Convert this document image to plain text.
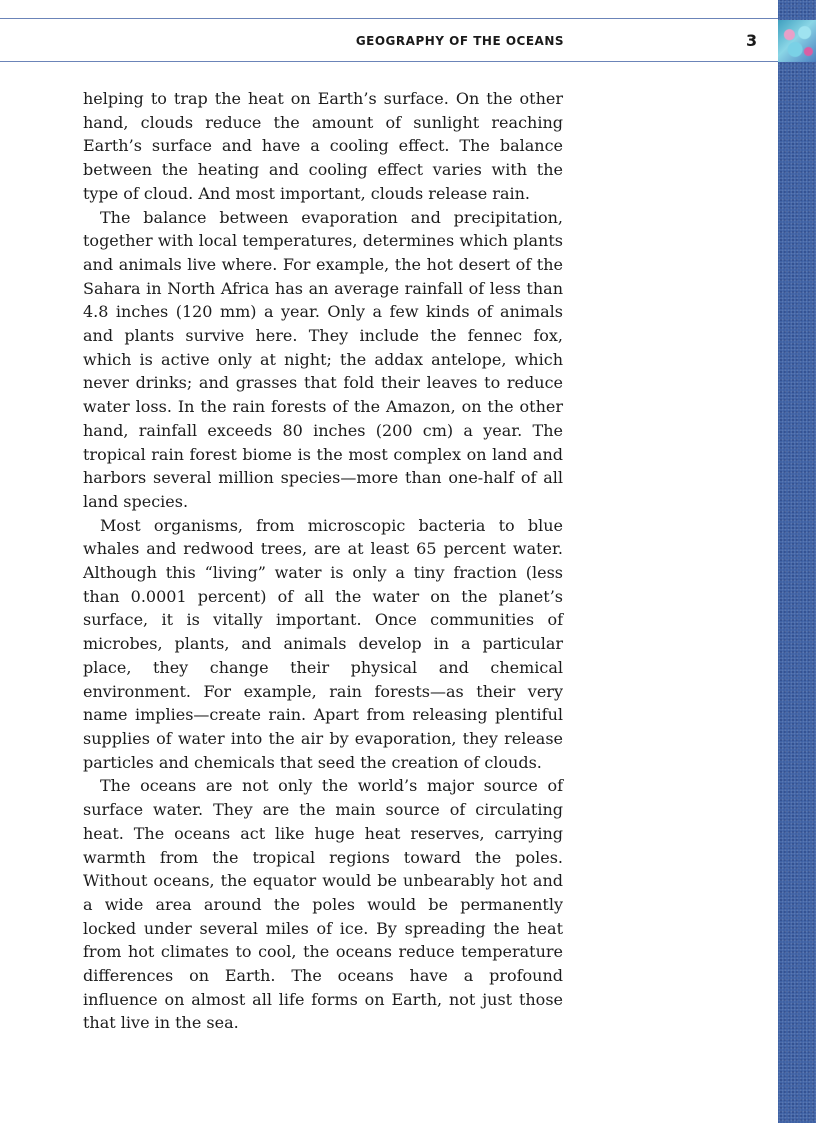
GEOGRAPHY OF THE OCEANS	3

helping to trap the heat on Earth’s surface. On the other hand, clouds reduce the amount of sunlight reaching Earth’s surface and have a cooling effect. The balance between the heating and cooling effect varies with the type of cloud. And most important, clouds release rain.

The balance between evaporation and precipitation, together with local temperatures, determines which plants and animals live where. For example, the hot desert of the Sahara in North Africa has an average rainfall of less than 4.8 inches (120 mm) a year. Only a few kinds of animals and plants survive here. They include the fennec fox, which is active only at night; the addax antelope, which never drinks; and grasses that fold their leaves to reduce water loss. In the rain forests of the Amazon, on the other hand, rainfall exceeds 80 inches (200 cm) a year. The tropical rain forest biome is the most complex on land and harbors several million species—more than one-half of all land species.

Most organisms, from microscopic bacteria to blue whales and redwood trees, are at least 65 percent water. Although this “living” water is only a tiny fraction (less than 0.0001 percent) of all the water on the planet’s surface, it is vitally important. Once communities of microbes, plants, and animals develop in a particular place, they change their physical and chemical environment. For example, rain forests—as their very name implies—create rain. Apart from releasing plentiful supplies of water into the air by evaporation, they release particles and chemicals that seed the creation of clouds.

The oceans are not only the world’s major source of surface water. They are the main source of circulating heat. The oceans act like huge heat reserves, carrying warmth from the tropical regions toward the poles. Without oceans, the equator would be unbearably hot and a wide area around the poles would be permanently locked under several miles of ice. By spreading the heat from hot climates to cool, the oceans reduce temperature differences on Earth. The oceans have a profound influence on almost all life forms on Earth, not just those that live in the sea.
